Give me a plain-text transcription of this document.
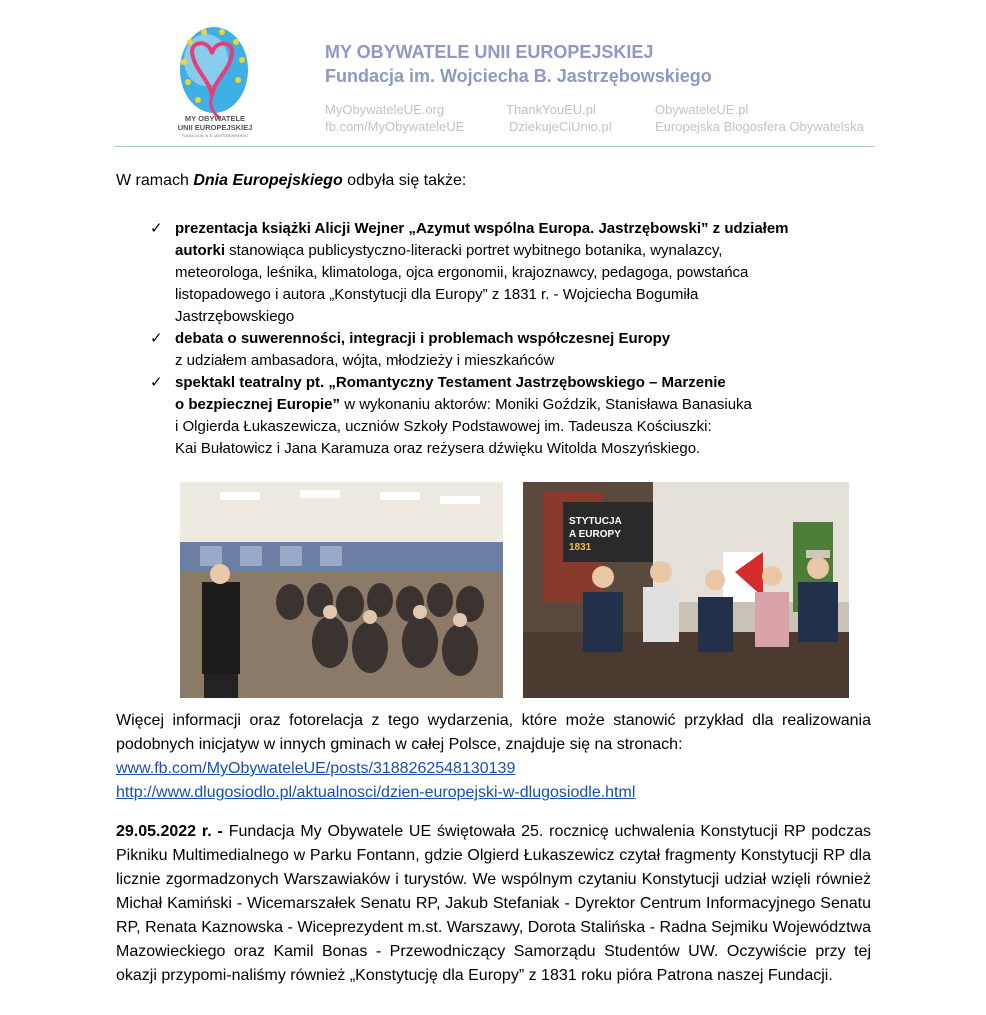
MY OBYWATELE
UNII EUROPEJSKIEJ
FUNDACJA IM. W. B. JASTRZĘBOWSKIEGO
MY OBYWATELE UNII EUROPEJSKIEJ
Fundacja im. Wojciecha B. Jastrzębowskiego
MyObywateleUE.org
fb.com/MyObywateleUE
ThankYouEU.pl
DziekujeCiUnio.pl
ObywateleUE.pl
Europejska Blogosfera Obywatelska
W ramach Dnia Europejskiego odbyła się także:
✓ prezentacja książki Alicji Wejner „Azymut wspólna Europa. Jastrzębowski” z udziałem
autorki stanowiąca publicystyczno-literacki portret wybitnego botanika, wynalazcy,
meteorologa, leśnika, klimatologa, ojca ergonomii, krajoznawcy, pedagoga, powstańca
listopadowego i autora „Konstytucji dla Europy” z 1831 r. - Wojciecha Bogumiła
Jastrzębowskiego
✓ debata o suwerenności, integracji i problemach współczesnej Europy
z udziałem ambasadora, wójta, młodzieży i mieszkańców
✓ spektakl teatralny pt. „Romantyczny Testament Jastrzębowskiego – Marzenie
o bezpiecznej Europie” w wykonaniu aktorów: Moniki Goździk, Stanisława Banasiuka
i Olgierda Łukaszewicza, uczniów Szkoły Podstawowej im. Tadeusza Kościuszki:
Kai Bułatowicz i Jana Karamuza oraz reżysera dźwięku Witolda Moszyńskiego.
STYTUCJA
A EUROPY
1831
Więcej informacji oraz fotorelacja z tego wydarzenia, które może stanowić przykład dla realizowania podobnych inicjatyw w innych gminach w całej Polsce, znajduje się na stronach:
www.fb.com/MyObywateleUE/posts/3188262548130139
http://www.dlugosiodlo.pl/aktualnosci/dzien-europejski-w-dlugosiodle.html
29.05.2022 r. - Fundacja My Obywatele UE świętowała 25. rocznicę uchwalenia Konstytucji RP podczas Pikniku Multimedialnego w Parku Fontann, gdzie Olgierd Łukaszewicz czytał fragmenty Konstytucji RP dla licznie zgormadzonych Warszawiaków i turystów. We wspólnym czytaniu Konstytucji udział wzięli również Michał Kamiński - Wicemarszałek Senatu RP, Jakub Stefaniak - Dyrektor Centrum Informacyjnego Senatu RP, Renata Kaznowska - Wiceprezydent m.st. Warszawy, Dorota Stalińska - Radna Sejmiku Województwa Mazowieckiego oraz Kamil Bonas - Przewodniczący Samorządu Studentów UW. Oczywiście przy tej okazji przypomi-naliśmy również „Konstytucję dla Europy” z 1831 roku pióra Patrona naszej Fundacji.
